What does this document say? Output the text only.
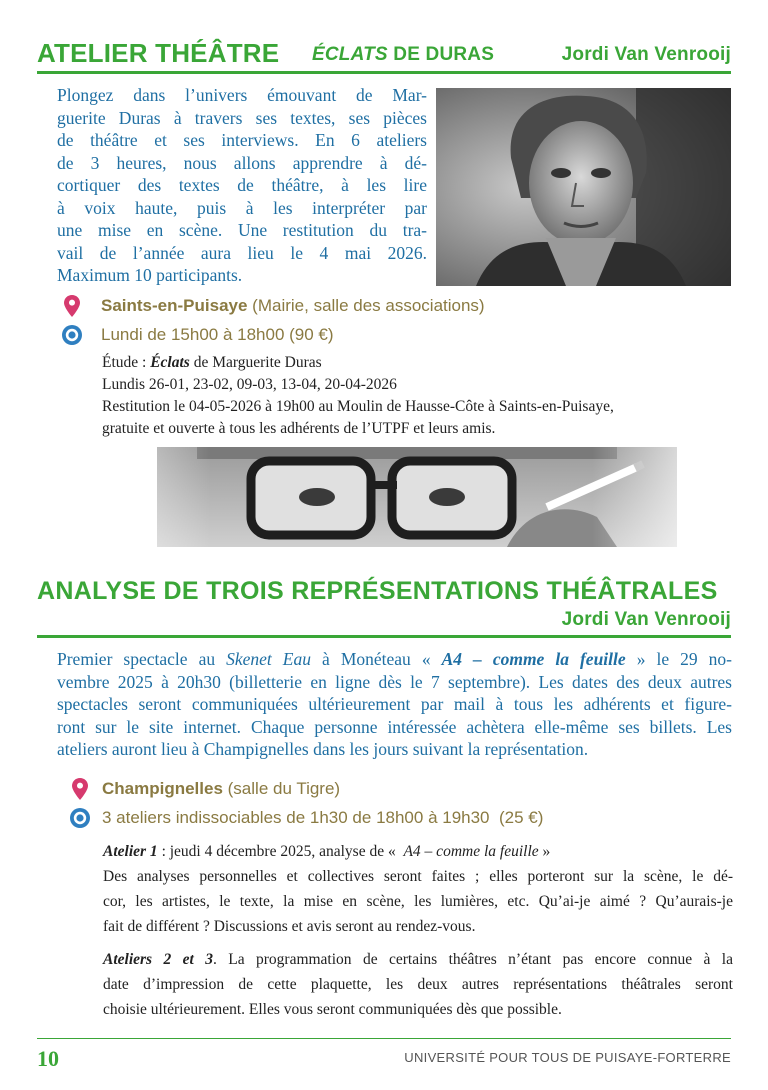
ATELIER THÉÂTRE ÉCLATS DE DURAS	Jordi Van Venrooij
Plongez dans l’univers émouvant de Mar-
guerite Duras à travers ses textes, ses pièces
de théâtre et ses interviews. En 6 ateliers
de 3 heures, nous allons apprendre à dé-
cortiquer des textes de théâtre, à les lire
à voix haute, puis à les interpréter par
une mise en scène. Une restitution du tra-
vail de l’année aura lieu le 4 mai 2026.
Maximum 10 participants.
Saints-en-Puisaye (Mairie, salle des associations)
Lundi de 15h00 à 18h00 (90 €)
Étude : Éclats de Marguerite Duras
Lundis 26-01, 23-02, 09-03, 13-04, 20-04-2026
Restitution le 04-05-2026 à 19h00 au Moulin de Hausse-Côte à Saints-en-Puisaye,
gratuite et ouverte à tous les adhérents de l’UTPF et leurs amis.
ANALYSE DE TROIS REPRÉSENTATIONS THÉÂTRALES
Jordi Van Venrooij
Premier spectacle au Skenet Eau à Monéteau « A4 – comme la feuille » le 29 no-
vembre 2025 à 20h30 (billetterie en ligne dès le 7 septembre). Les dates des deux autres
spectacles seront communiquées ultérieurement par mail à tous les adhérents et figure-
ront sur le site internet. Chaque personne intéressée achètera elle-même ses billets. Les
ateliers auront lieu à Champignelles dans les jours suivant la représentation.
Champignelles (salle du Tigre)
3 ateliers indissociables de 1h30 de 18h00 à 19h30  (25 €)
Atelier 1 : jeudi 4 décembre 2025, analyse de «  A4 – comme la feuille »
Des analyses personnelles et collectives seront faites ; elles porteront sur la scène, le dé-
cor, les artistes, le texte, la mise en scène, les lumières, etc. Qu’ai-je aimé ? Qu’aurais-je
fait de différent ? Discussions et avis seront au rendez-vous.
Ateliers 2 et 3. La programmation de certains théâtres n’étant pas encore connue à la
date d’impression de cette plaquette, les deux autres représentations théâtrales seront
choisie ultérieurement. Elles vous seront communiquées dès que possible.
10	UNIVERSITÉ POUR TOUS DE PUISAYE-FORTERRE
